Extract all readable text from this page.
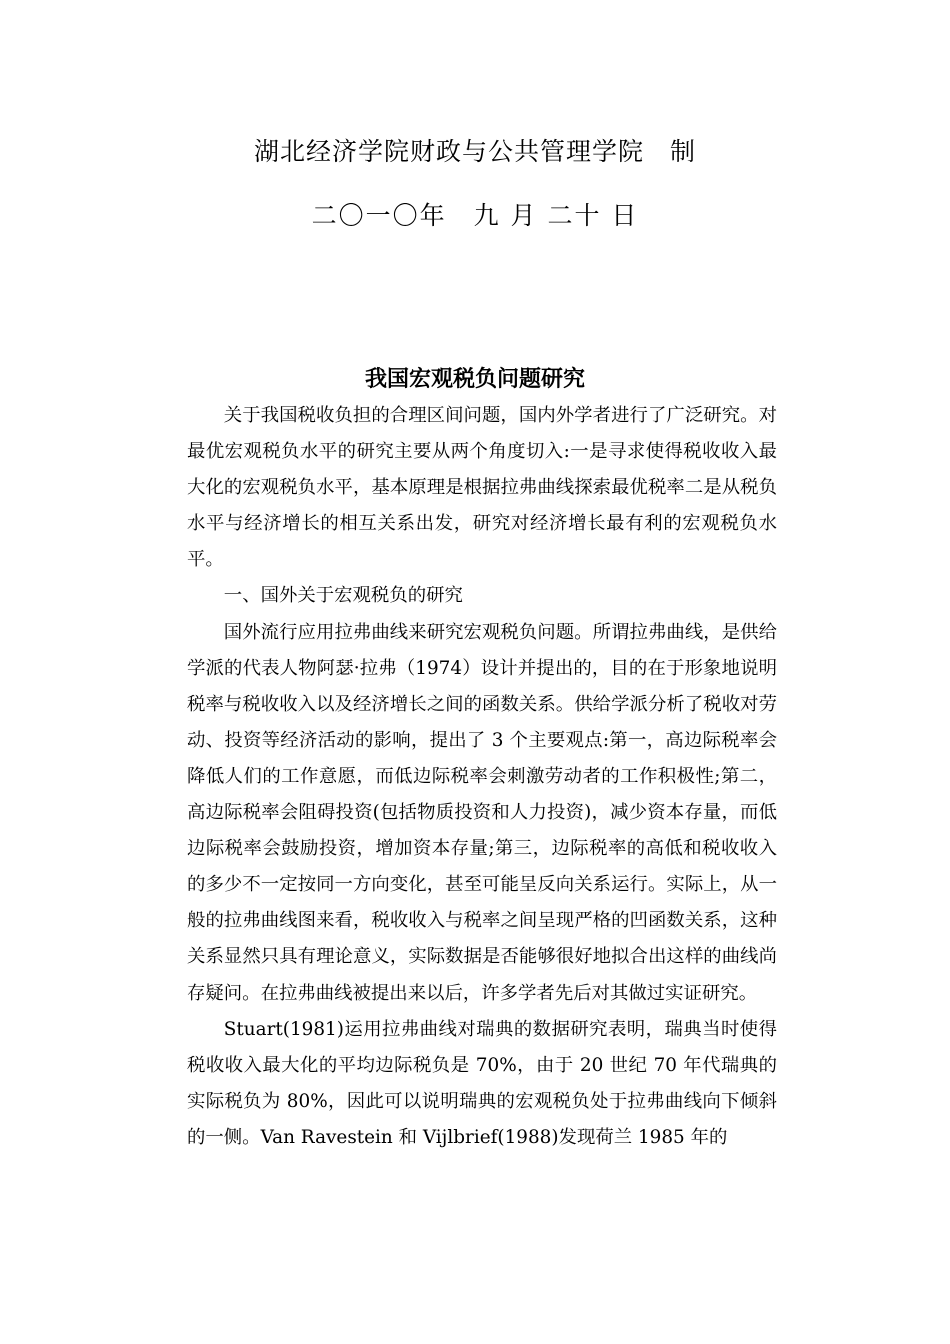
湖北经济学院财政与公共管理学院　制
二〇一〇年　九 月 二十 日
我国宏观税负问题研究

关于我国税收负担的合理区间问题，国内外学者进行了广泛研究。对最优宏观税负水平的研究主要从两个角度切入:一是寻求使得税收收入最大化的宏观税负水平，基本原理是根据拉弗曲线探索最优税率二是从税负水平与经济增长的相互关系出发，研究对经济增长最有利的宏观税负水平。

一、国外关于宏观税负的研究

国外流行应用拉弗曲线来研究宏观税负问题。所谓拉弗曲线，是供给学派的代表人物阿瑟·拉弗（1974）设计并提出的，目的在于形象地说明税率与税收收入以及经济增长之间的函数关系。供给学派分析了税收对劳动、投资等经济活动的影响，提出了 3 个主要观点:第一，高边际税率会降低人们的工作意愿，而低边际税率会刺激劳动者的工作积极性;第二，高边际税率会阻碍投资(包括物质投资和人力投资)，减少资本存量，而低边际税率会鼓励投资，增加资本存量;第三，边际税率的高低和税收收入的多少不一定按同一方向变化，甚至可能呈反向关系运行。实际上，从一般的拉弗曲线图来看，税收收入与税率之间呈现严格的凹函数关系，这种关系显然只具有理论意义，实际数据是否能够很好地拟合出这样的曲线尚存疑问。在拉弗曲线被提出来以后，许多学者先后对其做过实证研究。

Stuart(1981)运用拉弗曲线对瑞典的数据研究表明，瑞典当时使得税收收入最大化的平均边际税负是 70%，由于 20 世纪 70 年代瑞典的实际税负为 80%，因此可以说明瑞典的宏观税负处于拉弗曲线向下倾斜的一侧。Van Ravestein 和 Vijlbrief(1988)发现荷兰 1985 年的
